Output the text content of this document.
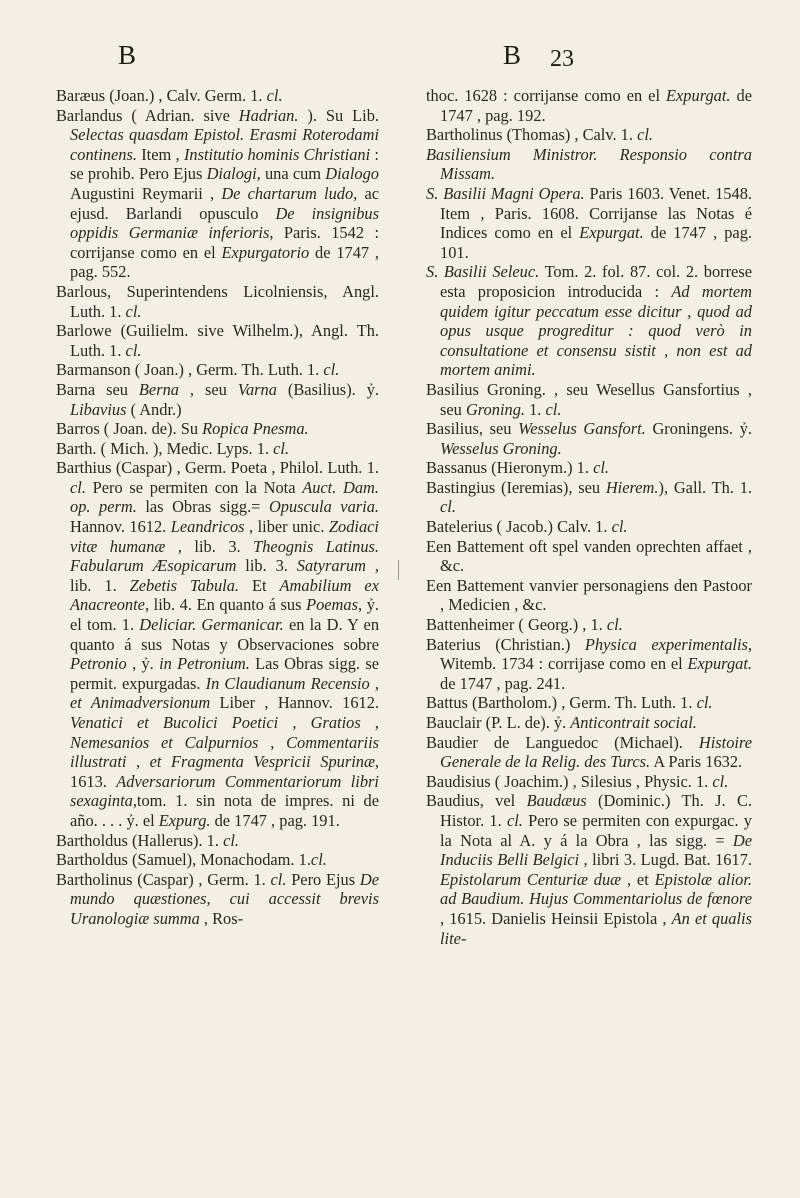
B	B 23

Baræus (Joan.) , Calv. Germ. 1. cl.

Barlandus ( Adrian. sive Hadrian. ). Su Lib. Selectas quasdam Epistol. Erasmi Roterodami continens. Item , Institutio hominis Christiani : se prohib. Pero Ejus Dialogi, una cum Dialogo Augustini Reymarii , De chartarum ludo, ac ejusd. Barlandi opusculo De insignibus oppidis Germaniæ inferioris, Paris. 1542 : corrijanse como en el Expurgatorio de 1747 , pag. 552.

Barlous, Superintendens Licolniensis, Angl. Luth. 1. cl.

Barlowe (Guilielm. sive Wilhelm.), Angl. Th. Luth. 1. cl.

Barmanson ( Joan.) , Germ. Th. Luth. 1. cl.

Barna seu Berna , seu Varna (Basilius). ỷ. Libavius ( Andr.)

Barros ( Joan. de). Su Ropica Pnesma.

Barth. ( Mich. ), Medic. Lyps. 1. cl.

Barthius (Caspar) , Germ. Poeta , Philol. Luth. 1. cl. Pero se permiten con la Nota Auct. Dam. op. perm. las Obras sigg.= Opuscula varia. Hannov. 1612. Leandricos , liber unic. Zodiaci vitæ humanæ , lib. 3. Theognis Latinus. Fabularum Æsopicarum lib. 3. Satyrarum , lib. 1. Zebetis Tabula. Et Amabilium ex Anacreonte, lib. 4. En quanto á sus Poemas, ỷ. el tom. 1. Deliciar. Germanicar. en la D. Y en quanto á sus Notas y Observaciones sobre Petronio , ỷ. in Petronium. Las Obras sigg. se permit. expurgadas. In Claudianum Recensio , et Animadversionum Liber , Hannov. 1612. Venatici et Bucolici Poetici , Gratios , Nemesanios et Calpurnios , Commentariis illustrati , et Fragmenta Vespricii Spurinæ, 1613. Adversariorum Commentariorum libri sexaginta,tom. 1. sin nota de impres. ni de año. . . . ỷ. el Expurg. de 1747 , pag. 191.

Bartholdus (Hallerus). 1. cl.

Bartholdus (Samuel), Monachodam. 1.cl.

Bartholinus (Caspar) , Germ. 1. cl. Pero Ejus De mundo quæstiones, cui accessit brevis Uranologiæ summa , Ros-

thoc. 1628 : corrijanse como en el Expurgat. de 1747 , pag. 192.

Bartholinus (Thomas) , Calv. 1. cl.

Basiliensium Ministror. Responsio contra Missam.

S. Basilii Magni Opera. Paris 1603. Venet. 1548. Item , Paris. 1608. Corrijanse las Notas é Indices como en el Expurgat. de 1747 , pag. 101.

S. Basilii Seleuc. Tom. 2. fol. 87. col. 2. borrese esta proposicion introducida : Ad mortem quidem igitur peccatum esse dicitur , quod ad opus usque progreditur : quod verò in consultatione et consensu sistit , non est ad mortem animi.

Basilius Groning. , seu Wesellus Gansfortius , seu Groning. 1. cl.

Basilius, seu Wesselus Gansfort. Groningens. ỷ. Wesselus Groning.

Bassanus (Hieronym.) 1. cl.

Bastingius (Ieremias), seu Hierem.), Gall. Th. 1. cl.

Batelerius ( Jacob.) Calv. 1. cl.

Een Battement oft spel vanden oprechten affaet , &c.

Een Battement vanvier personagiens den Pastoor , Medicien , &c.

Battenheimer ( Georg.) , 1. cl.

Baterius (Christian.) Physica experimentalis, Witemb. 1734 : corrijase como en el Expurgat. de 1747 , pag. 241.

Battus (Bartholom.) , Germ. Th. Luth. 1. cl.

Bauclair (P. L. de). ỷ. Anticontrait social.

Baudier de Languedoc (Michael). Histoire Generale de la Relig. des Turcs. A Paris 1632.

Baudisius ( Joachim.) , Silesius , Physic. 1. cl.

Baudius, vel Baudæus (Dominic.) Th. J. C. Histor. 1. cl. Pero se permiten con expurgac. y la Nota al A. y á la Obra , las sigg. = De Induciis Belli Belgici , libri 3. Lugd. Bat. 1617. Epistolarum Centuriæ duæ , et Epistolæ alior. ad Baudium. Hujus Commentariolus de fœnore , 1615. Danielis Heinsii Epistola , An et qualis lite-
